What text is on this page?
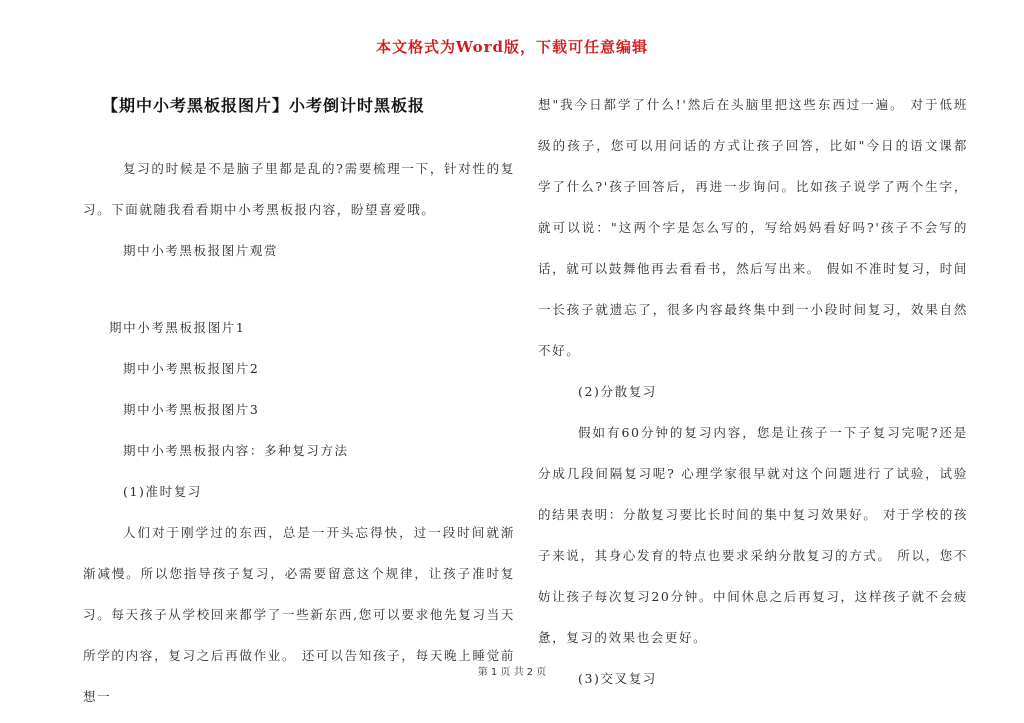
本文格式为Word版，下载可任意编辑
【期中小考黑板报图片】小考倒计时黑板报

复习的时候是不是脑子里都是乱的?需要梳理一下，针对性的复习。下面就随我看看期中小考黑板报内容，盼望喜爱哦。

期中小考黑板报图片观赏

期中小考黑板报图片1

期中小考黑板报图片2

期中小考黑板报图片3

期中小考黑板报内容：多种复习方法

(1)准时复习

人们对于刚学过的东西，总是一开头忘得快，过一段时间就渐渐减慢。所以您指导孩子复习，必需要留意这个规律，让孩子准时复习。每天孩子从学校回来都学了一些新东西,您可以要求他先复习当天所学的内容，复习之后再做作业。 还可以告知孩子，每天晚上睡觉前想一

想"我今日都学了什么!'然后在头脑里把这些东西过一遍。 对于低班级的孩子，您可以用问话的方式让孩子回答，比如"今日的语文课都学了什么?'孩子回答后，再进一步询问。比如孩子说学了两个生字，就可以说："这两个字是怎么写的，写给妈妈看好吗?'孩子不会写的话，就可以鼓舞他再去看看书，然后写出来。 假如不准时复习，时间一长孩子就遗忘了，很多内容最终集中到一小段时间复习，效果自然不好。

(2)分散复习

假如有60分钟的复习内容，您是让孩子一下子复习完呢?还是分成几段间隔复习呢? 心理学家很早就对这个问题进行了试验，试验的结果表明：分散复习要比长时间的集中复习效果好。 对于学校的孩子来说，其身心发育的特点也要求采纳分散复习的方式。 所以，您不妨让孩子每次复习20分钟。中间休息之后再复习，这样孩子就不会疲惫，复习的效果也会更好。

(3)交叉复习

第 1 页 共 2 页
